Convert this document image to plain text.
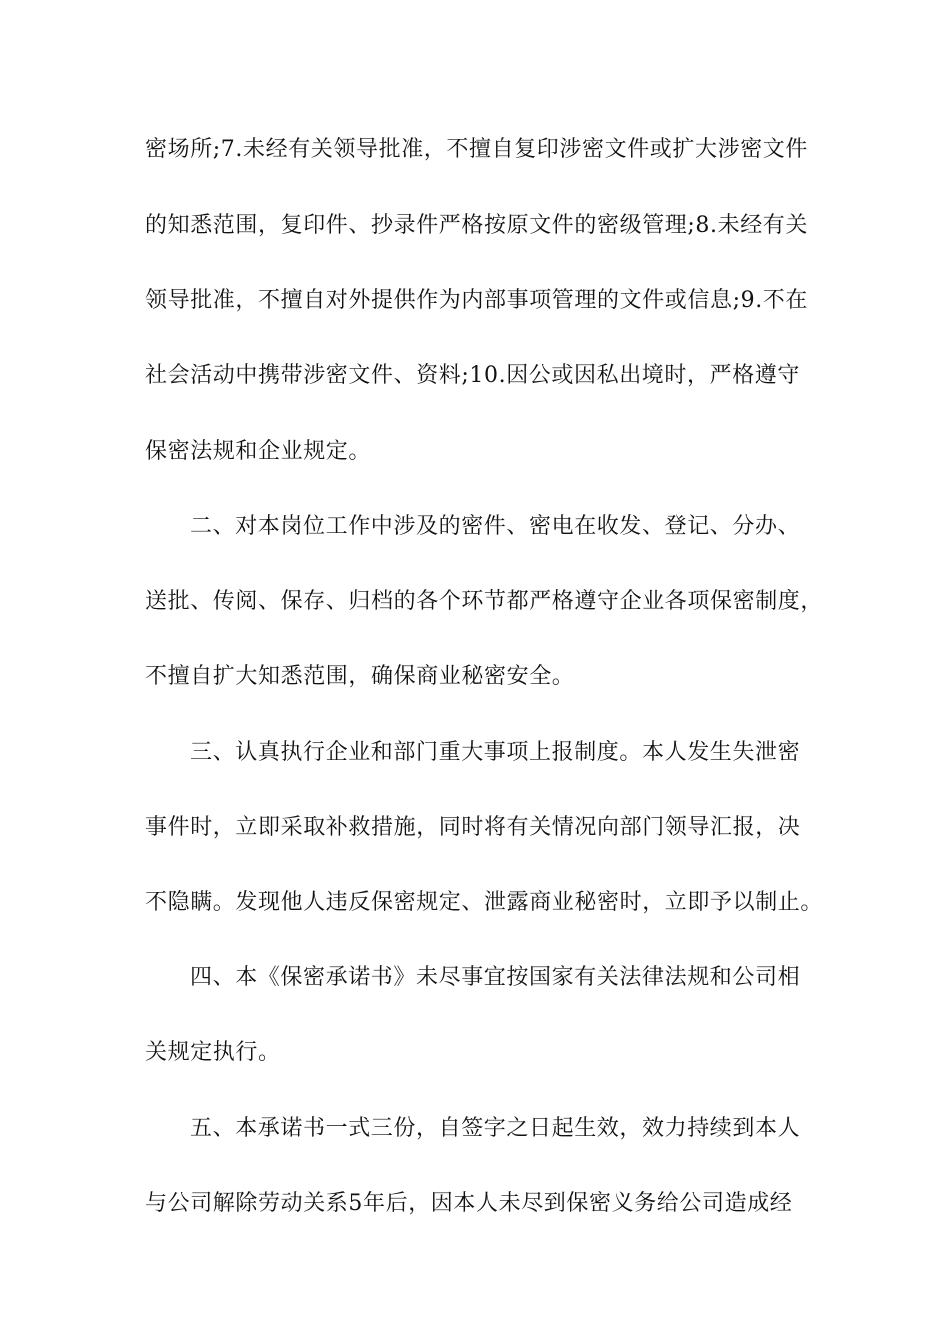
密场所;7.未经有关领导批准，不擅自复印涉密文件或扩大涉密文件
的知悉范围，复印件、抄录件严格按原文件的密级管理;8.未经有关
领导批准，不擅自对外提供作为内部事项管理的文件或信息;9.不在
社会活动中携带涉密文件、资料;10.因公或因私出境时，严格遵守
保密法规和企业规定。
二、对本岗位工作中涉及的密件、密电在收发、登记、分办、
送批、传阅、保存、归档的各个环节都严格遵守企业各项保密制度，
不擅自扩大知悉范围，确保商业秘密安全。
三、认真执行企业和部门重大事项上报制度。本人发生失泄密
事件时，立即采取补救措施，同时将有关情况向部门领导汇报，决
不隐瞒。发现他人违反保密规定、泄露商业秘密时，立即予以制止。
四、本《保密承诺书》未尽事宜按国家有关法律法规和公司相
关规定执行。
五、本承诺书一式三份，自签字之日起生效，效力持续到本人
与公司解除劳动关系5年后，因本人未尽到保密义务给公司造成经
